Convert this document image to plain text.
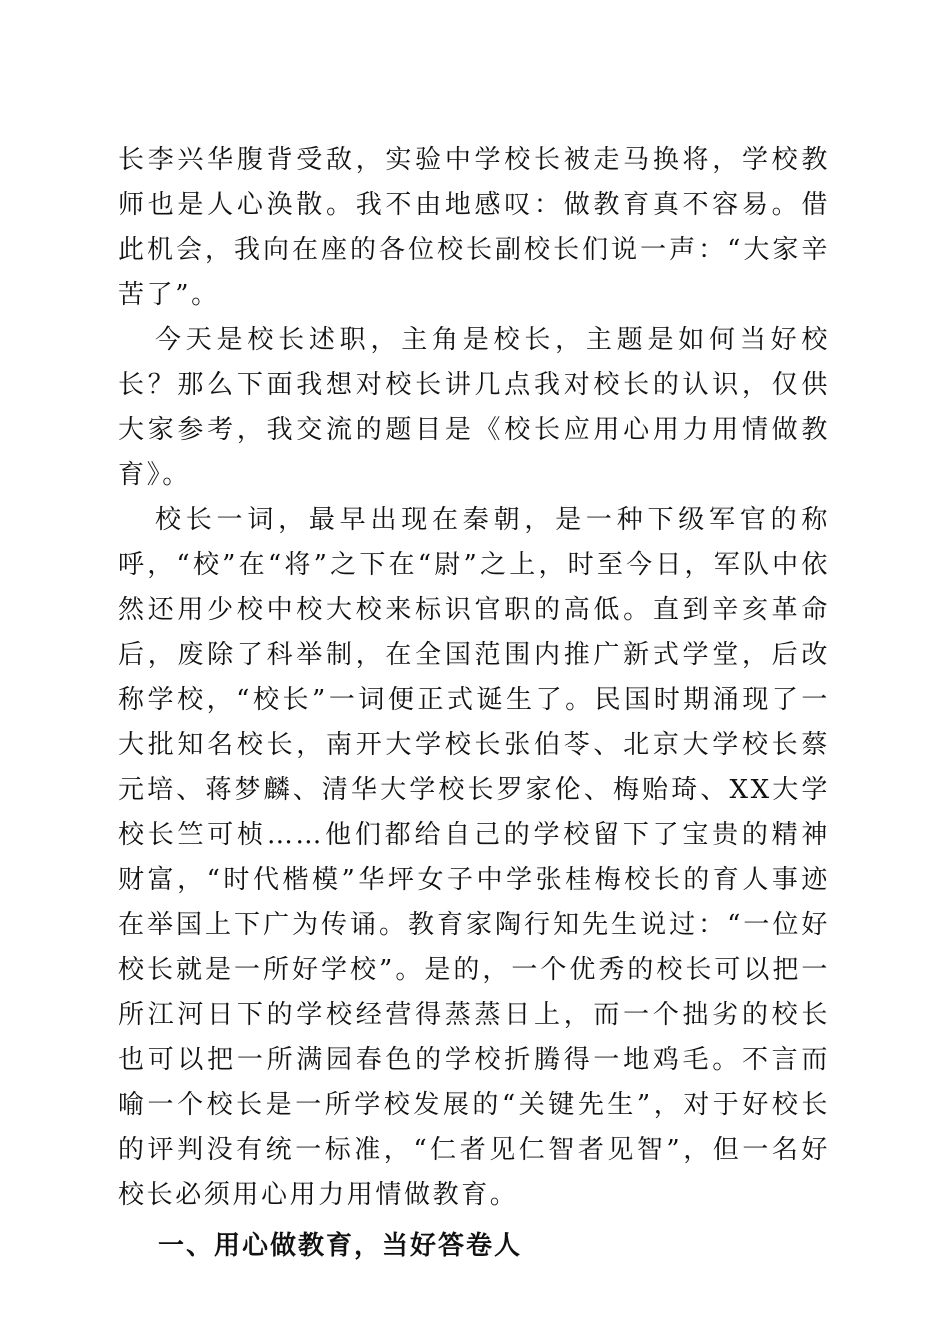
长李兴华腹背受敌，实验中学校长被走马换将，学校教师也是人心涣散。我不由地感叹：做教育真不容易。借此机会，我向在座的各位校长副校长们说一声：“大家辛苦了”。

今天是校长述职，主角是校长，主题是如何当好校长？那么下面我想对校长讲几点我对校长的认识，仅供大家参考，我交流的题目是《校长应用心用力用情做教育》。

校长一词，最早出现在秦朝，是一种下级军官的称呼，“校”在“将”之下在“尉”之上，时至今日，军队中依然还用少校中校大校来标识官职的高低。直到辛亥革命后，废除了科举制，在全国范围内推广新式学堂，后改称学校，“校长”一词便正式诞生了。民国时期涌现了一大批知名校长，南开大学校长张伯苓、北京大学校长蔡元培、蒋梦麟、清华大学校长罗家伦、梅贻琦、XX大学校长竺可桢……他们都给自己的学校留下了宝贵的精神财富，“时代楷模”华坪女子中学张桂梅校长的育人事迹在举国上下广为传诵。教育家陶行知先生说过：“一位好校长就是一所好学校”。是的，一个优秀的校长可以把一所江河日下的学校经营得蒸蒸日上，而一个拙劣的校长也可以把一所满园春色的学校折腾得一地鸡毛。不言而喻一个校长是一所学校发展的“关键先生”，对于好校长的评判没有统一标准，“仁者见仁智者见智”，但一名好校长必须用心用力用情做教育。

一、用心做教育，当好答卷人
